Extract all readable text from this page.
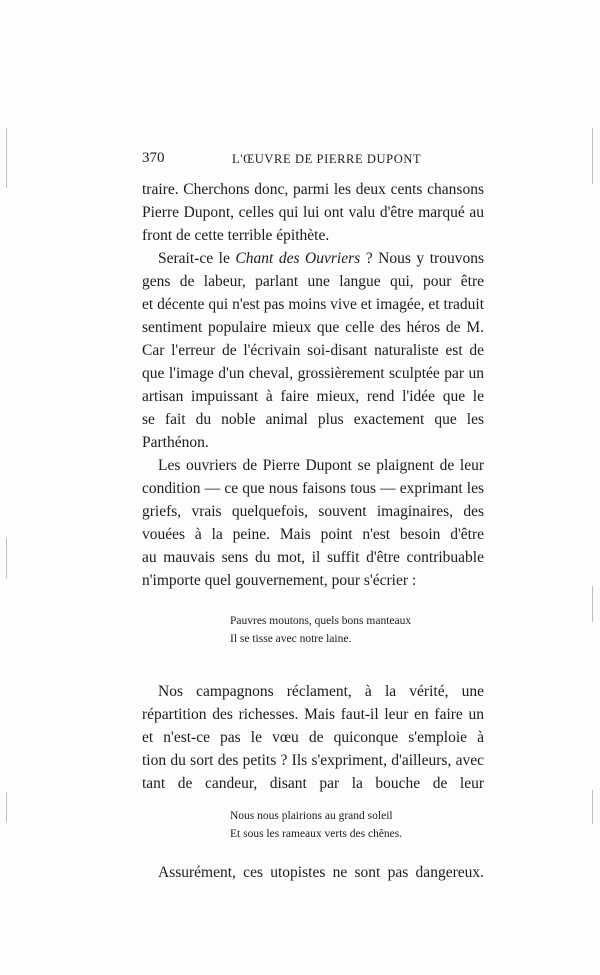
370	L'ŒUVRE DE PIERRE DUPONT
traire. Cherchons donc, parmi les deux cents chansons
Pierre Dupont, celles qui lui ont valu d'être marqué au
front de cette terrible épithète.
Serait-ce le Chant des Ouvriers ? Nous y trouvons
gens de labeur, parlant une langue qui, pour être
et décente qui n'est pas moins vive et imagée, et traduit
sentiment populaire mieux que celle des héros de M.
Car l'erreur de l'écrivain soi-disant naturaliste est de
que l'image d'un cheval, grossièrement sculptée par un
artisan impuissant à faire mieux, rend l'idée que le
se fait du noble animal plus exactement que les
Parthénon.
Les ouvriers de Pierre Dupont se plaignent de leur
condition — ce que nous faisons tous — exprimant les
griefs, vrais quelquefois, souvent imaginaires, des
vouées à la peine. Mais point n'est besoin d'être
au mauvais sens du mot, il suffit d'être contribuable
n'importe quel gouvernement, pour s'écrier :
Pauvres moutons, quels bons manteaux
Il se tisse avec notre laine.
Nos campagnons réclament, à la vérité, une
répartition des richesses. Mais faut-il leur en faire un
et n'est-ce pas le vœu de quiconque s'emploie à
tion du sort des petits ? Ils s'expriment, d'ailleurs, avec
tant de candeur, disant par la bouche de leur
Nous nous plairions au grand soleil
Et sous les rameaux verts des chênes.
Assurément, ces utopistes ne sont pas dangereux.
